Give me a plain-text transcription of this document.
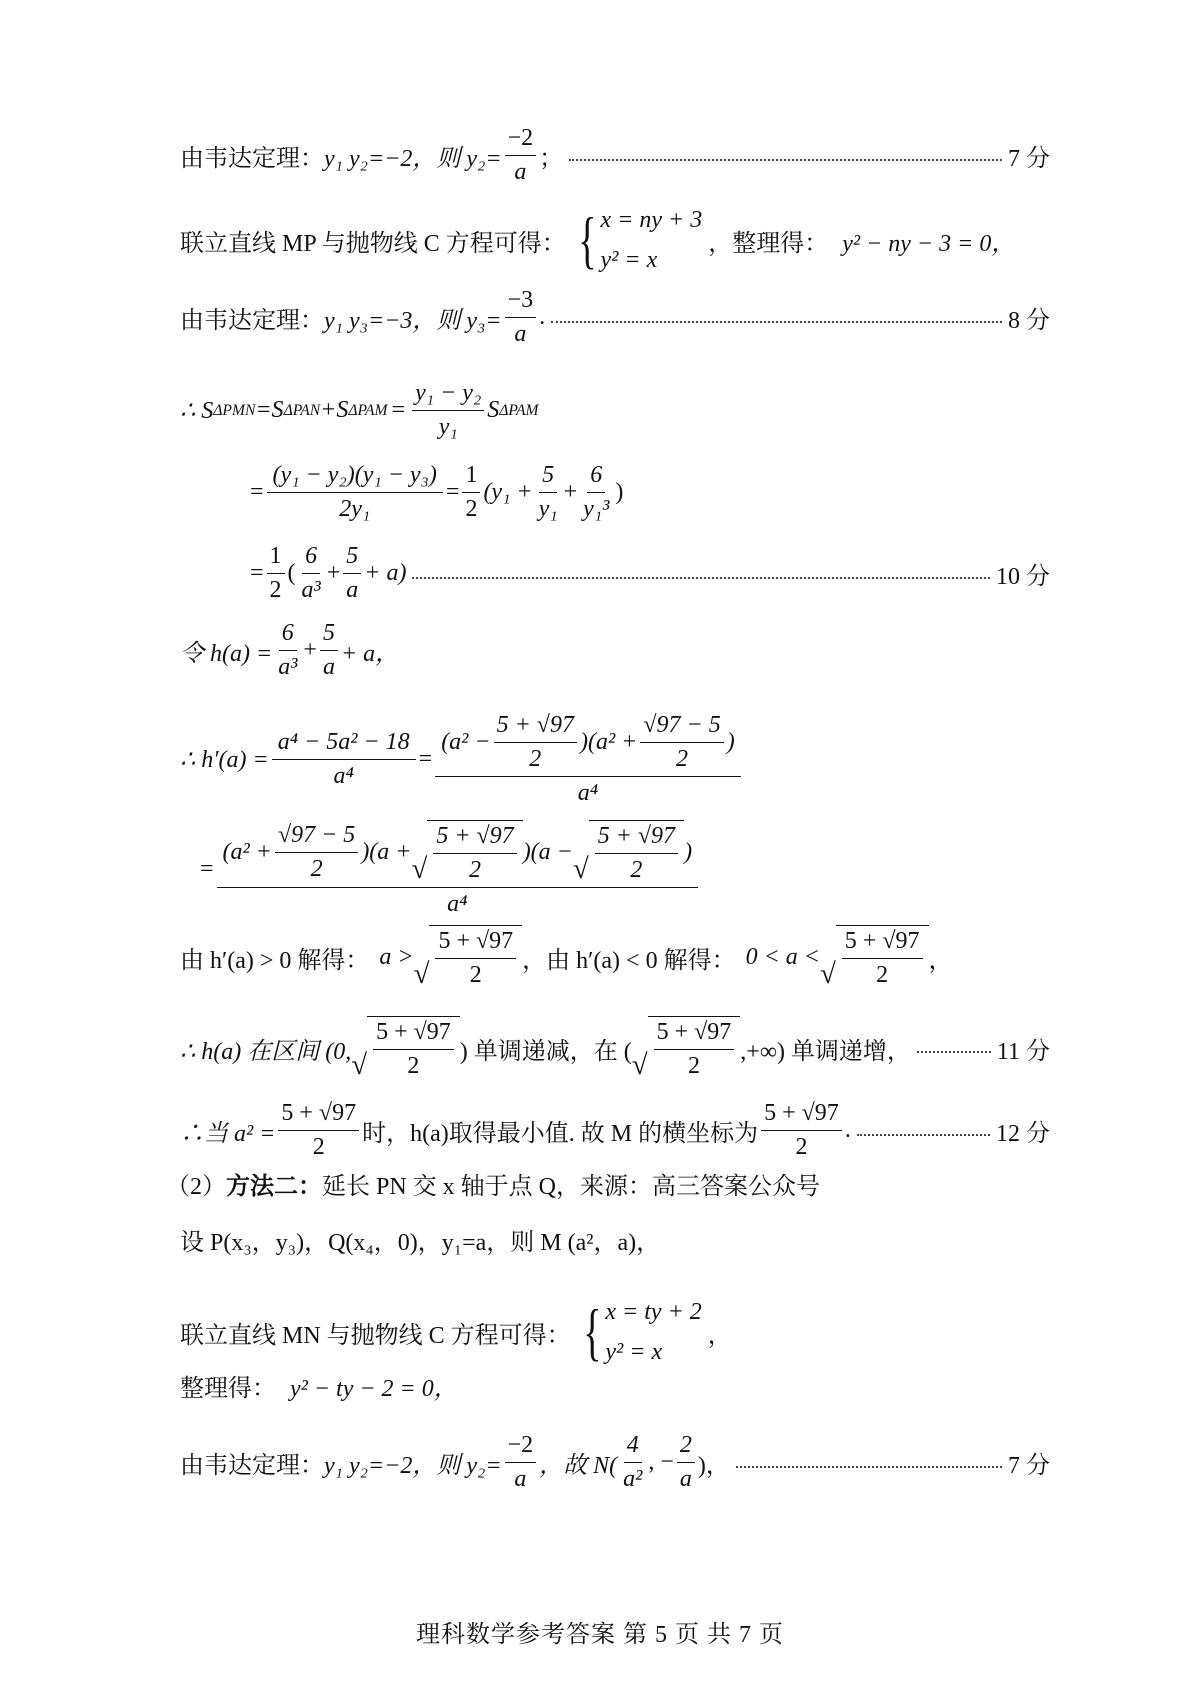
由韦达定理： y₁ y₂=−2，则 $y_2= \frac{-2}{a}$ ；	7 分
联立直线 MP 与抛物线 C 方程可得： { x = ny + 3
y² = x
，整理得： y² − ny − 3 = 0，
由韦达定理： y₁ y₃=−3，则 $y_3= \frac{-3}{a}$ .	8 分
∴ S ΔPMN =S ΔPAN +S $\Delta PAM = \frac{\text{y₁ − y₂}}{\text{y₁}}$ S ΔPAM
= $\frac{\text{(y₁ − y₂)(y₁ − y₃)}}{\text{2y₁}} = \frac{1}{2} (y_1 + \frac{5}{\text{y₁}} + \frac{6}{\text{y₁³}}$ )
= $\frac{1}{2}$ ( $\frac{6}{\text{a³}} + \frac{5}{a} + a$)	10 分
令 $h(a) = \frac{6}{\text{a³}} + \frac{5}{a} + a$，
∴ $h'(a) = \frac{\text{a⁴ − 5a² − 18}}{\text{a⁴}}$ =
$(a^2 - \frac{5 + √97}{2} )(a^2 + \frac{√97 - 5}{2}$ )
a⁴
=
$(a^2 + \frac{√97 - 5}{2} )(a$ +
√ $\frac{5 + √97}{2} )(a$ −
√ $\frac{5 + √97}{2}$ )
a⁴
由 h′(a) > 0 解得： a >
√ $\frac{5 + √97}{2}$ ，由 h′(a) < 0 解得： 0 < a <
√ $\frac{5 + √97}{2}$ ，
∴ h(a) 在区间 (0, √ $\frac{5 + √97}{2}$ ) 单调递减，在 ( √ $\frac{5 + √97}{2}$ ,+∞) 单调递增，	11 分
∴当 $a^2 = \frac{5 + √97}{2}$ 时，h(a)取得最小值. 故 M 的横坐标为 $\frac{5 + √97}{2}$ .	12 分
（2） 方法二： 延长 PN 交 x 轴于点 Q，来源：高三答案公众号
设 P(x₃，y₃)，Q(x₄，0)，y₁=a，则 M (a²，a)，
联立直线 MN 与抛物线 C 方程可得： { x = ty + 2
y² = x
，
整理得： y² − ty − 2 = 0，
由韦达定理： y₁ y₂=−2，则 $y_2= \frac{-2}{a}$ ，故 $N( \frac{4}{\text{a²}}$ , − $\frac{2}{a}$ )，	7 分
理科数学参考答案 第 5 页 共 7 页
